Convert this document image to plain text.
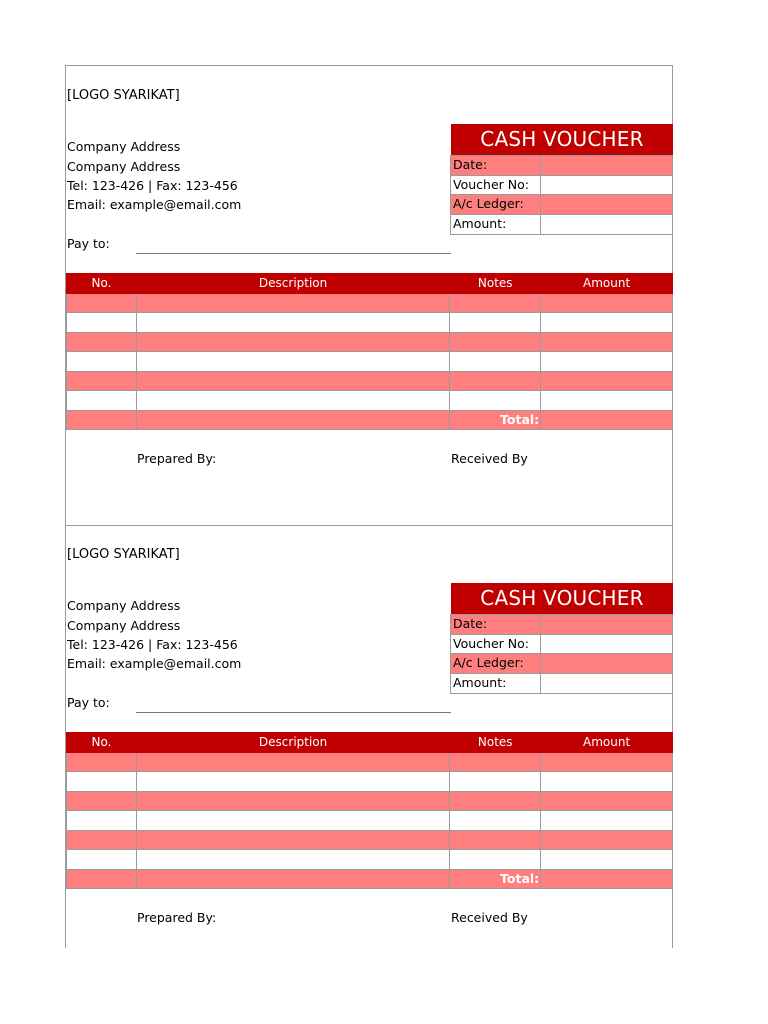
[LOGO SYARIKAT]
Company Address
Company Address
Tel: 123-426 | Fax: 123-456
Email: example@email.com
Pay to:
CASH VOUCHER
Date:
Voucher No:
A/c Ledger:
Amount:
No.	Description	Notes	Amount

		Total:	
Prepared By:	Received By
[LOGO SYARIKAT]
Company Address
Company Address
Tel: 123-426 | Fax: 123-456
Email: example@email.com
Pay to:
CASH VOUCHER
Date:
Voucher No:
A/c Ledger:
Amount:
No.	Description	Notes	Amount

		Total:	
Prepared By:	Received By
